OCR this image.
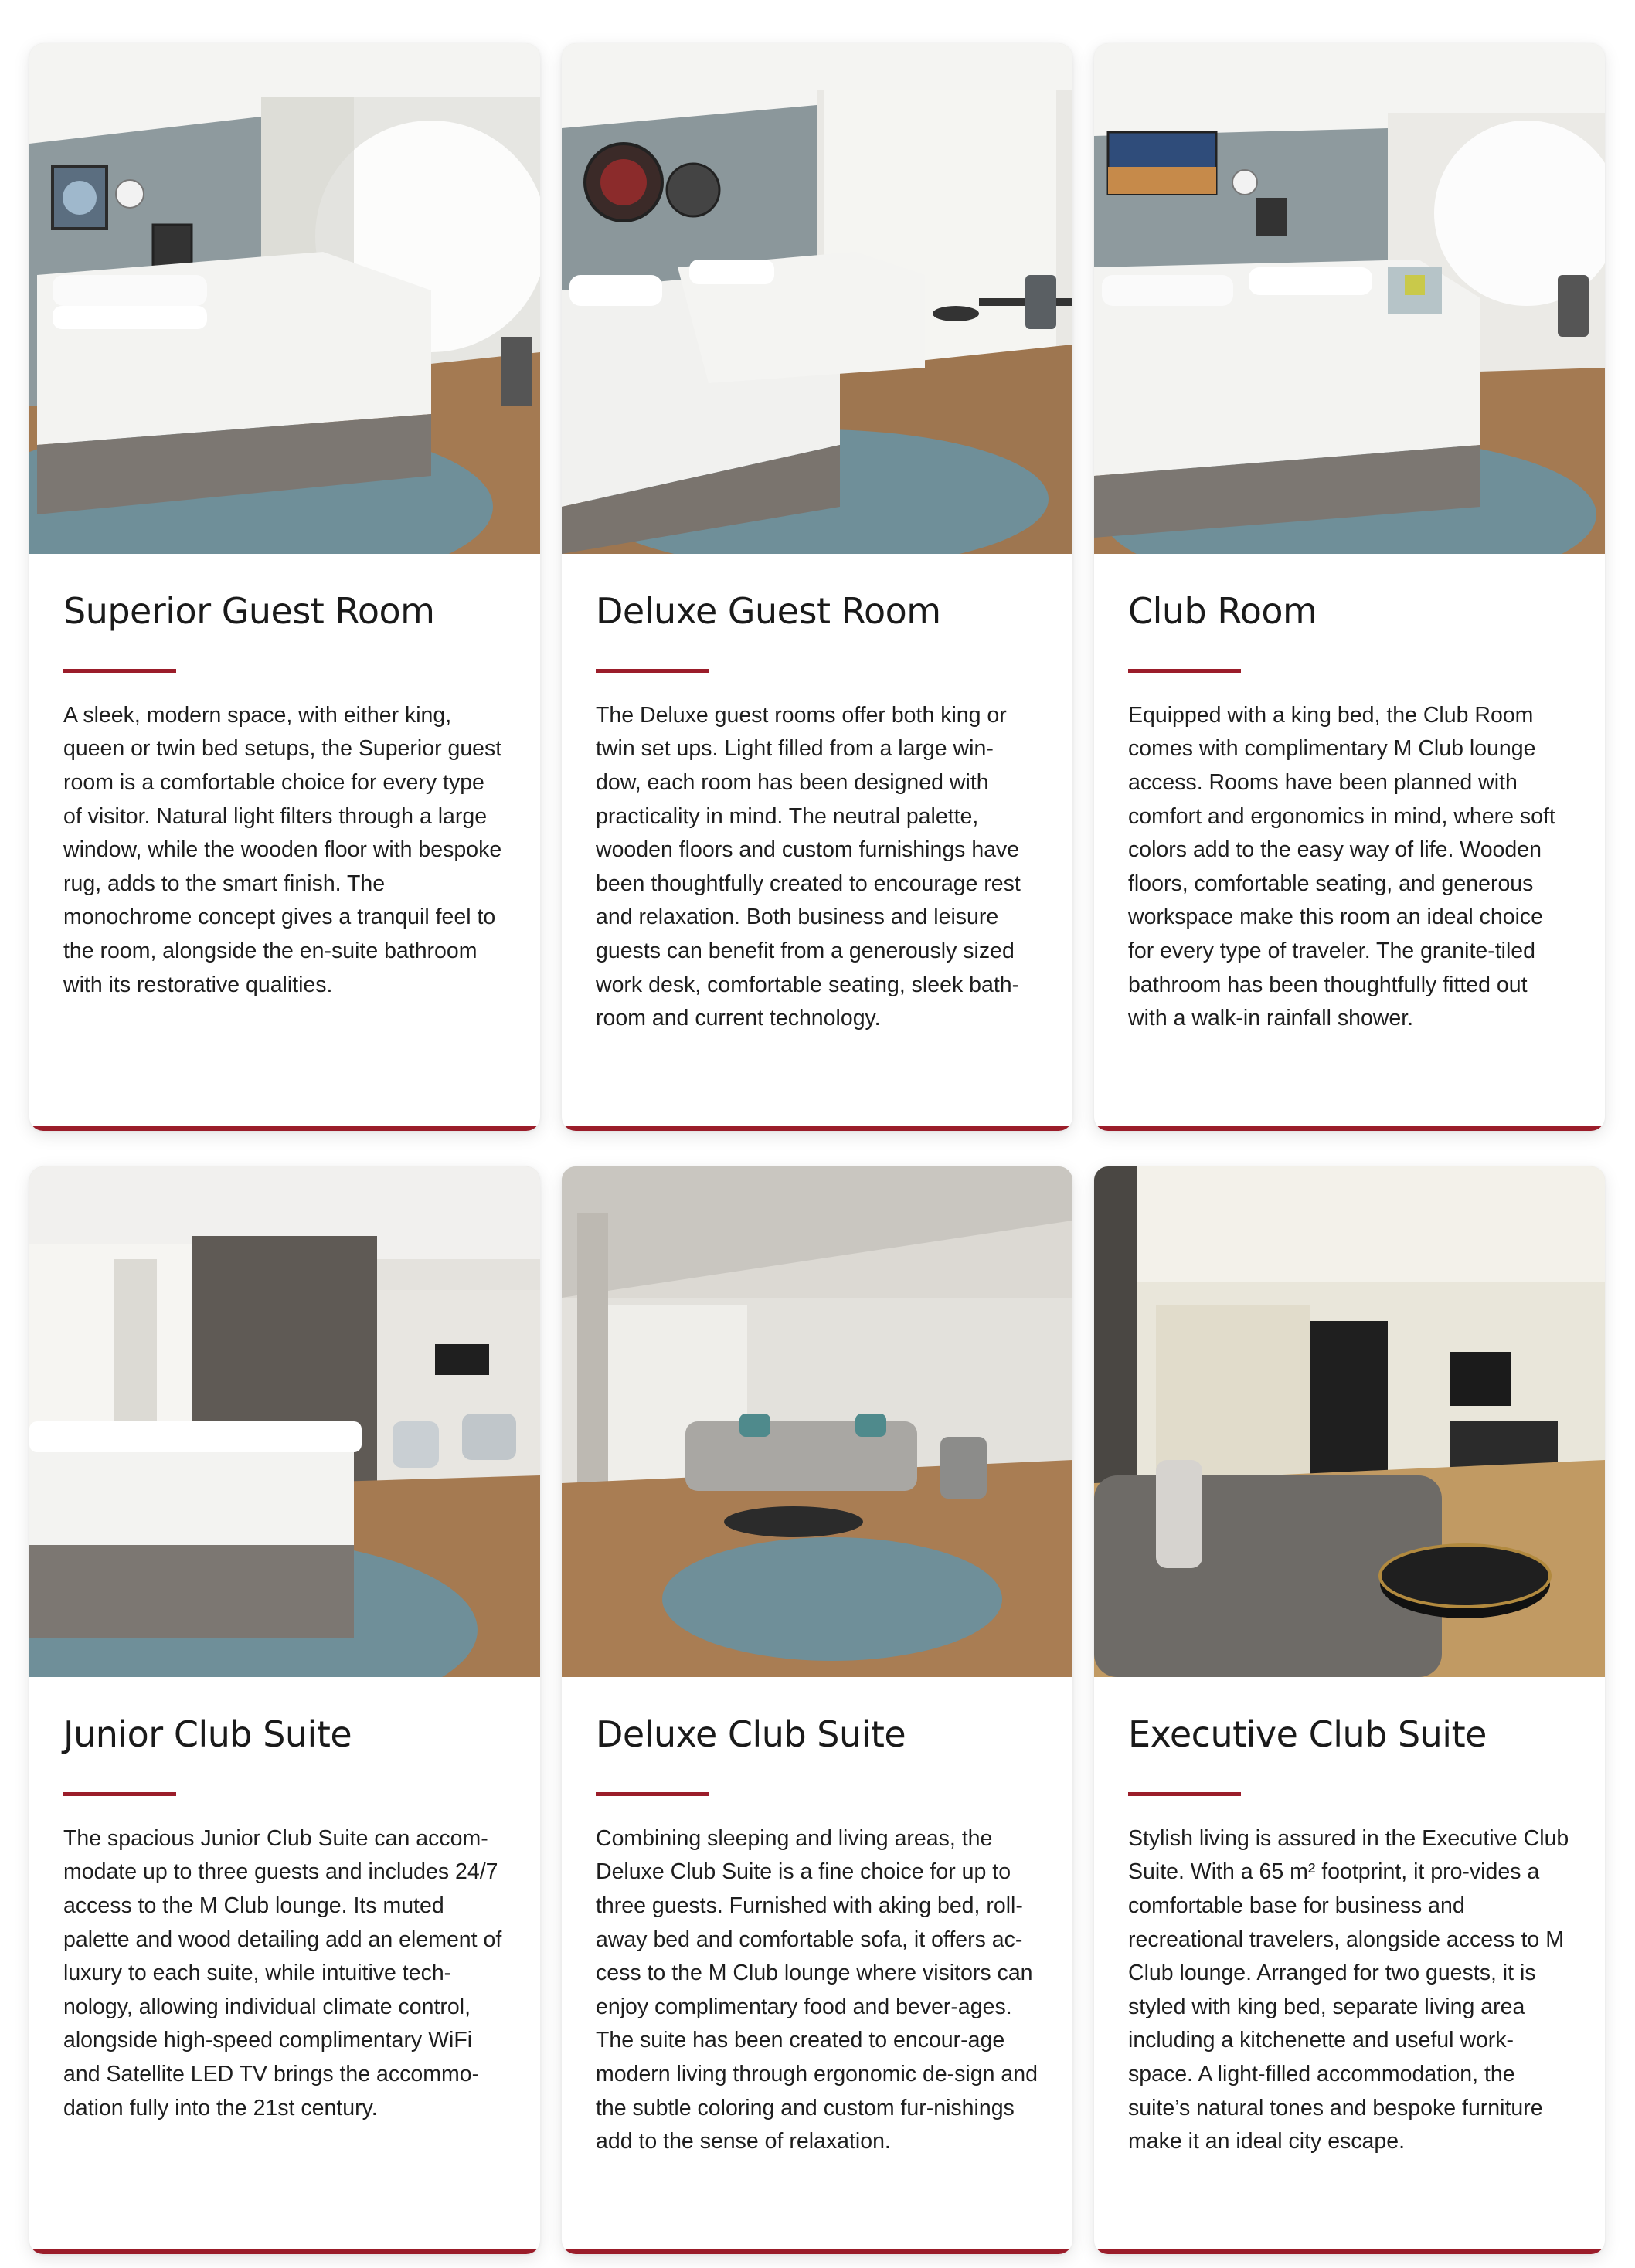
Superior Guest Room

A sleek, modern space, with either king, queen or twin bed setups, the Superior guest room is a comfortable choice for every type of visitor. Natural light filters through a large window, while the wooden floor with bespoke rug, adds to the smart finish. The monochrome concept gives a tranquil feel to the room, alongside the en-suite bathroom with its restorative qualities.

Deluxe Guest Room

The Deluxe guest rooms offer both king or twin set ups. Light filled from a large win-dow, each room has been designed with practicality in mind. The neutral palette, wooden floors and custom furnishings have been thoughtfully created to encourage rest and relaxation. Both business and leisure guests can benefit from a generously sized work desk, comfortable seating, sleek bath-room and current technology.

Club Room

Equipped with a king bed, the Club Room comes with complimentary M Club lounge access. Rooms have been planned with comfort and ergonomics in mind, where soft colors add to the easy way of life. Wooden floors, comfortable seating, and generous workspace make this room an ideal choice for every type of traveler. The granite-tiled bathroom has been thoughtfully fitted out with a walk-in rainfall shower.

Junior Club Suite

The spacious Junior Club Suite can accom-modate up to three guests and includes 24/7 access to the M Club lounge. Its muted palette and wood detailing add an element of luxury to each suite, while intuitive tech-nology, allowing individual climate control, alongside high-speed complimentary WiFi and Satellite LED TV brings the accommo-dation fully into the 21st century.

Deluxe Club Suite

Combining sleeping and living areas, the Deluxe Club Suite is a fine choice for up to three guests. Furnished with aking bed, roll-away bed and comfortable sofa, it offers ac-cess to the M Club lounge where visitors can enjoy complimentary food and bever-ages. The suite has been created to encour-age modern living through ergonomic de-sign and the subtle coloring and custom fur-nishings add to the sense of relaxation.

Executive Club Suite

Stylish living is assured in the Executive Club Suite. With a 65 m² footprint, it pro-vides a comfortable base for business and recreational travelers, alongside access to M Club lounge. Arranged for two guests, it is styled with king bed, separate living area including a kitchenette and useful work-space. A light-filled accommodation, the suite’s natural tones and bespoke furniture make it an ideal city escape.
